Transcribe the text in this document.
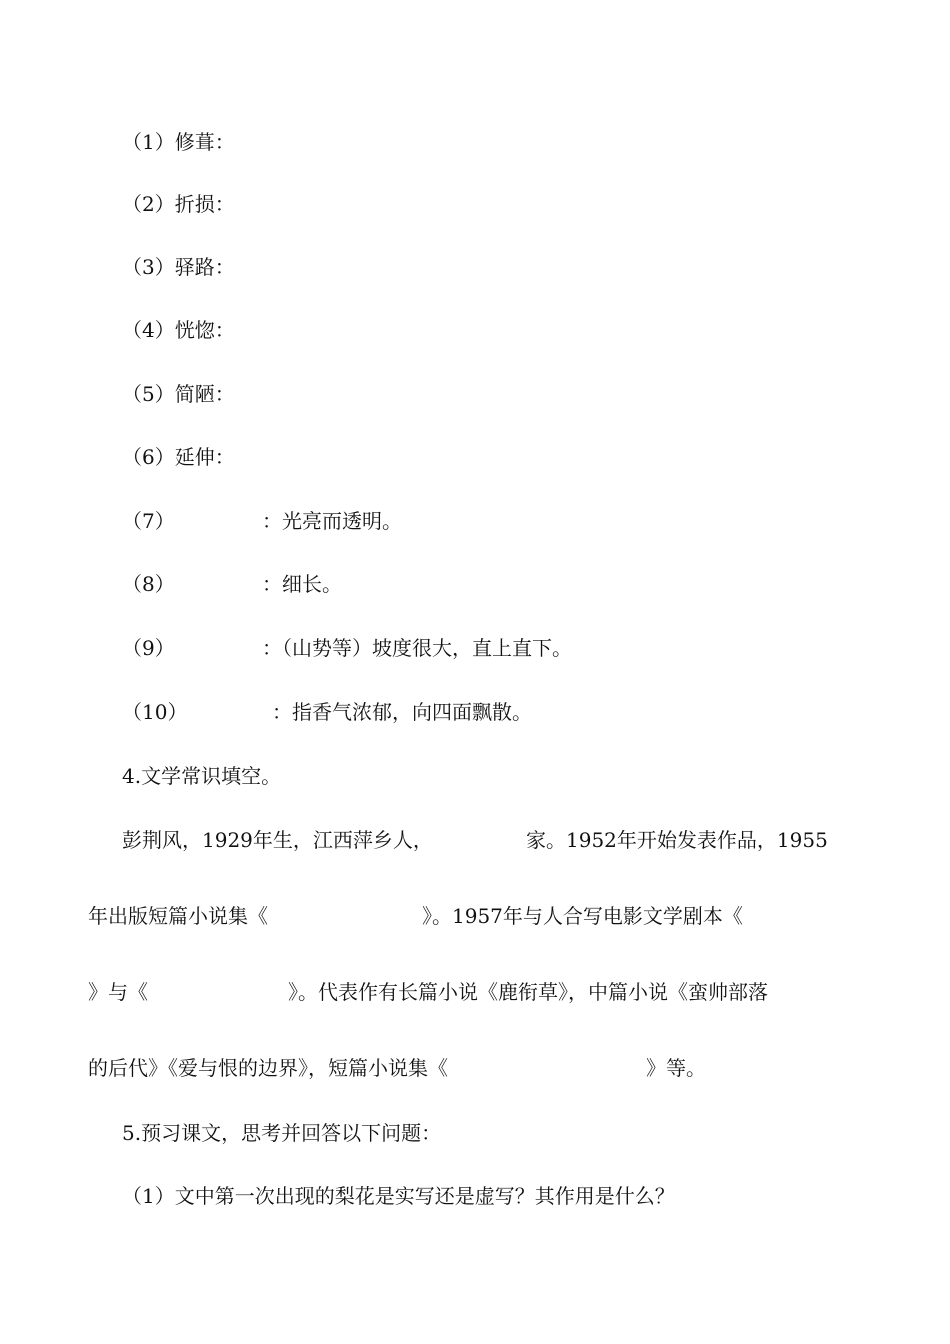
（1）修葺：
（2）折损：
（3）驿路：
（4）恍惚：
（5）简陋：
（6）延伸：
（7）	：光亮而透明。
（8）	：细长。
（9）	：（山势等）坡度很大，直上直下。
（10）	：指香气浓郁，向四面飘散。
4.文学常识填空。
彭荆风，1929年生，江西萍乡人，	家。1952年开始发表作品，1955
年出版短篇小说集《	》。1957年与人合写电影文学剧本《
》与《	》。代表作有长篇小说《鹿衔草》，中篇小说《蛮帅部落
的后代》《爱与恨的边界》，短篇小说集《	》等。
5.预习课文，思考并回答以下问题：
（1）文中第一次出现的梨花是实写还是虚写？其作用是什么？
